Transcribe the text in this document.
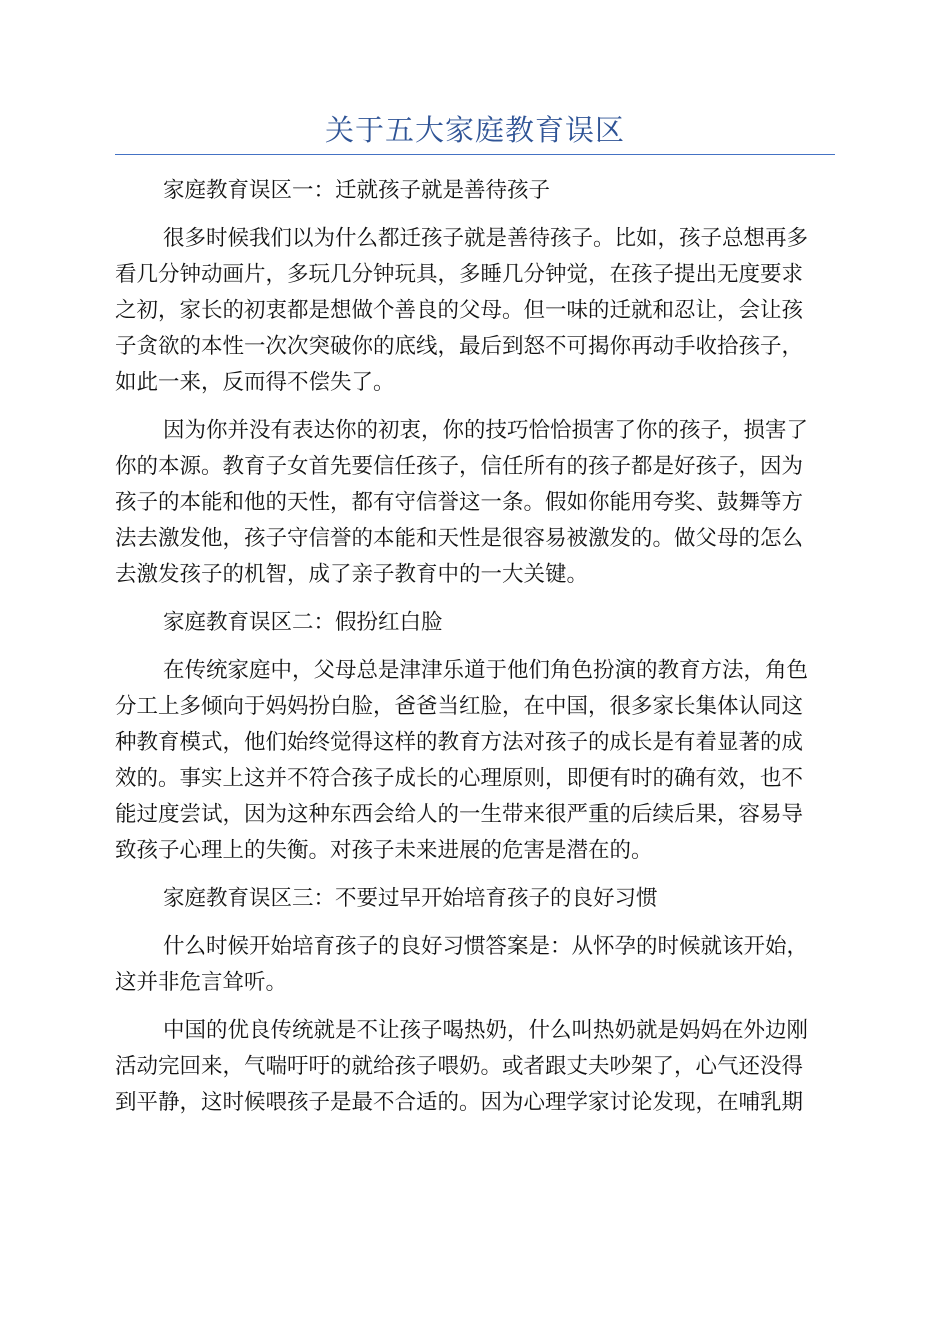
关于五大家庭教育误区
家庭教育误区一：迁就孩子就是善待孩子
很多时候我们以为什么都迁孩子就是善待孩子。比如，孩子总想再多
看几分钟动画片，多玩几分钟玩具，多睡几分钟觉，在孩子提出无度要求
之初，家长的初衷都是想做个善良的父母。但一味的迁就和忍让，会让孩
子贪欲的本性一次次突破你的底线，最后到怒不可揭你再动手收拾孩子，
如此一来，反而得不偿失了。
因为你并没有表达你的初衷，你的技巧恰恰损害了你的孩子，损害了
你的本源。教育子女首先要信任孩子，信任所有的孩子都是好孩子，因为
孩子的本能和他的天性，都有守信誉这一条。假如你能用夸奖、鼓舞等方
法去激发他，孩子守信誉的本能和天性是很容易被激发的。做父母的怎么
去激发孩子的机智，成了亲子教育中的一大关键。
家庭教育误区二：假扮红白脸
在传统家庭中，父母总是津津乐道于他们角色扮演的教育方法，角色
分工上多倾向于妈妈扮白脸，爸爸当红脸，在中国，很多家长集体认同这
种教育模式，他们始终觉得这样的教育方法对孩子的成长是有着显著的成
效的。事实上这并不符合孩子成长的心理原则，即便有时的确有效，也不
能过度尝试，因为这种东西会给人的一生带来很严重的后续后果，容易导
致孩子心理上的失衡。对孩子未来进展的危害是潜在的。
家庭教育误区三：不要过早开始培育孩子的良好习惯
什么时候开始培育孩子的良好习惯答案是：从怀孕的时候就该开始，
这并非危言耸听。
中国的优良传统就是不让孩子喝热奶，什么叫热奶就是妈妈在外边刚
活动完回来，气喘吁吁的就给孩子喂奶。或者跟丈夫吵架了，心气还没得
到平静，这时候喂孩子是最不合适的。因为心理学家讨论发现，在哺乳期
